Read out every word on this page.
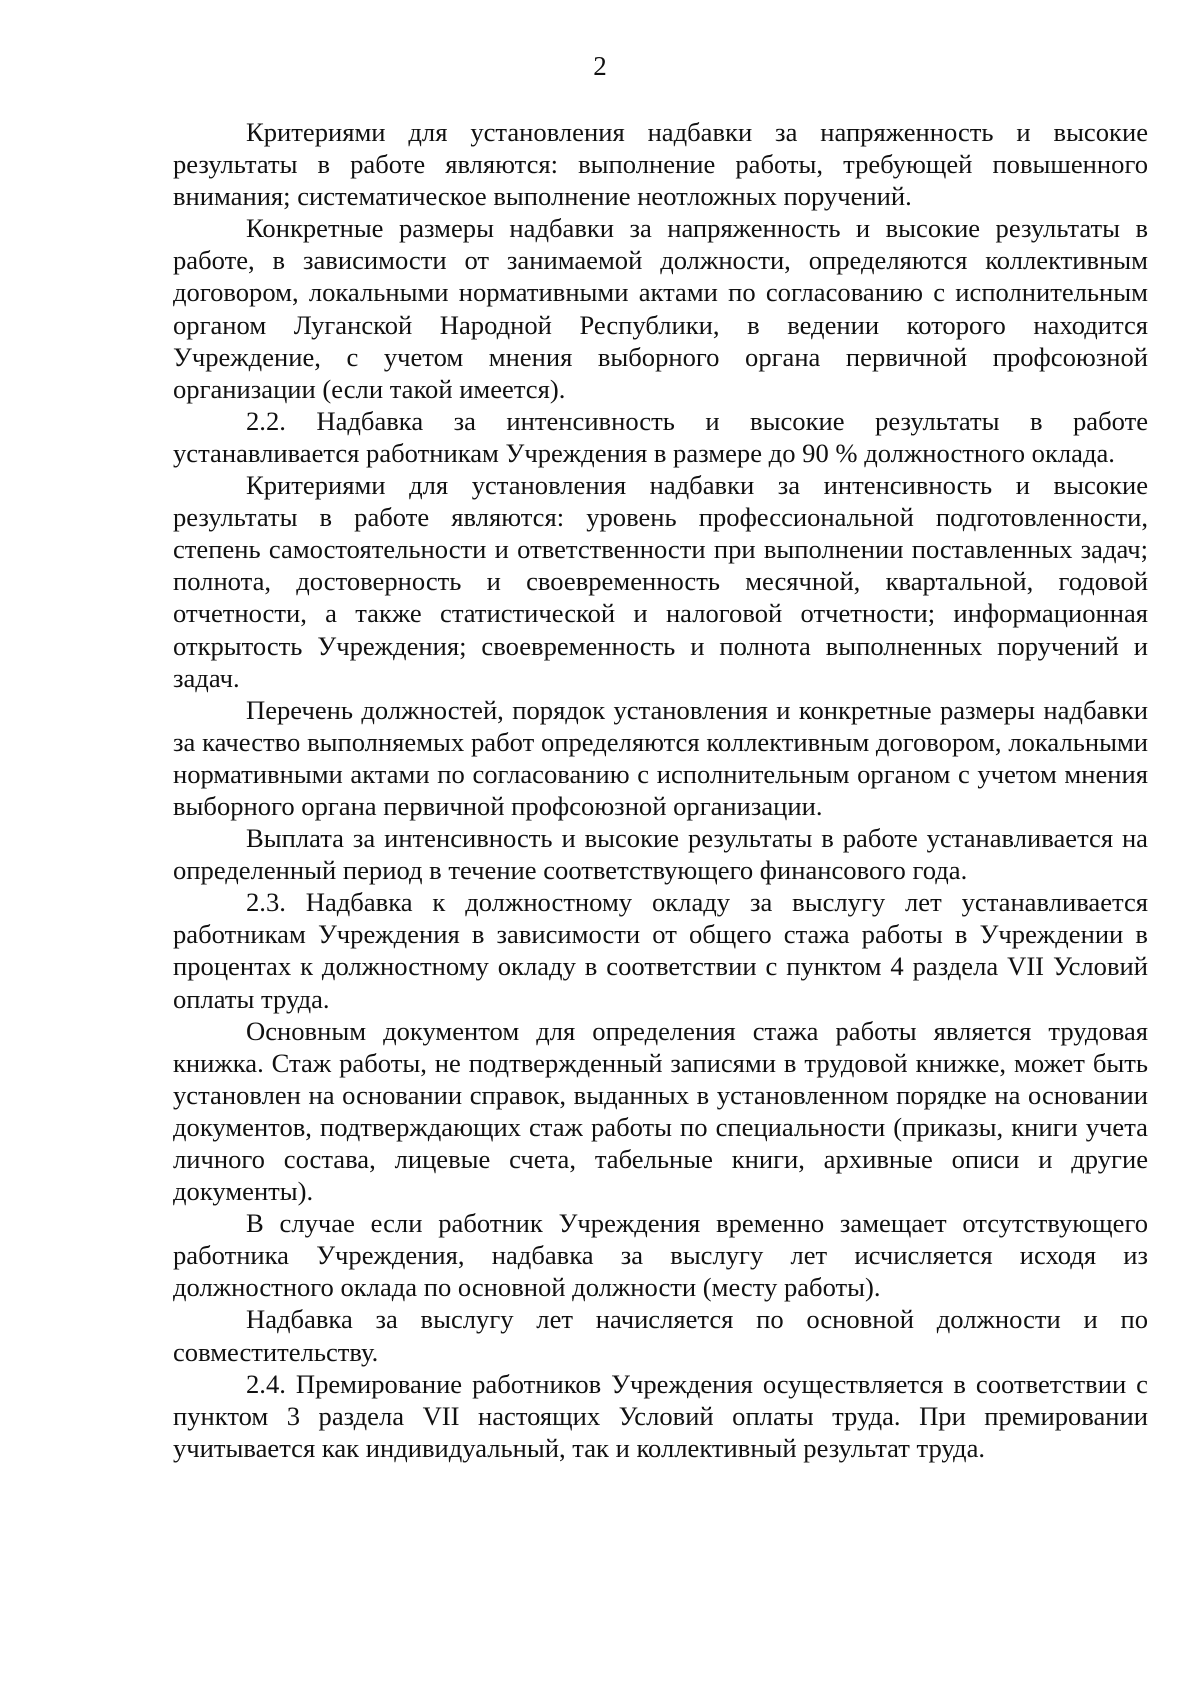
2

Критериями для установления надбавки за напряженность и высокие результаты в работе являются: выполнение работы, требующей повышенного внимания; систематическое выполнение неотложных поручений.

Конкретные размеры надбавки за напряженность и высокие результаты в работе, в зависимости от занимаемой должности, определяются коллективным договором, локальными нормативными актами по согласованию с исполнительным органом Луганской Народной Республики, в ведении которого находится Учреждение, с учетом мнения выборного органа первичной профсоюзной организации (если такой имеется).

2.2. Надбавка за интенсивность и высокие результаты в работе устанавливается работникам Учреждения в размере до 90 % должностного оклада.

Критериями для установления надбавки за интенсивность и высокие результаты в работе являются: уровень профессиональной подготовленности, степень самостоятельности и ответственности при выполнении поставленных задач; полнота, достоверность и своевременность месячной, квартальной, годовой отчетности, а также статистической и налоговой отчетности; информационная открытость Учреждения; своевременность и полнота выполненных поручений и задач.

Перечень должностей, порядок установления и конкретные размеры надбавки за качество выполняемых работ определяются коллективным договором, локальными нормативными актами по согласованию с исполнительным органом с учетом мнения выборного органа первичной профсоюзной организации.

Выплата за интенсивность и высокие результаты в работе устанавливается на определенный период в течение соответствующего финансового года.

2.3. Надбавка к должностному окладу за выслугу лет устанавливается работникам Учреждения в зависимости от общего стажа работы в Учреждении в процентах к должностному окладу в соответствии с пунктом 4 раздела VII Условий оплаты труда.

Основным документом для определения стажа работы является трудовая книжка. Стаж работы, не подтвержденный записями в трудовой книжке, может быть установлен на основании справок, выданных в установленном порядке на основании документов, подтверждающих стаж работы по специальности (приказы, книги учета личного состава, лицевые счета, табельные книги, архивные описи и другие документы).

В случае если работник Учреждения временно замещает отсутствующего работника Учреждения, надбавка за выслугу лет исчисляется исходя из должностного оклада по основной должности (месту работы).

Надбавка за выслугу лет начисляется по основной должности и по совместительству.

2.4. Премирование работников Учреждения осуществляется в соответствии с пунктом 3 раздела VII настоящих Условий оплаты труда. При премировании учитывается как индивидуальный, так и коллективный результат труда.
